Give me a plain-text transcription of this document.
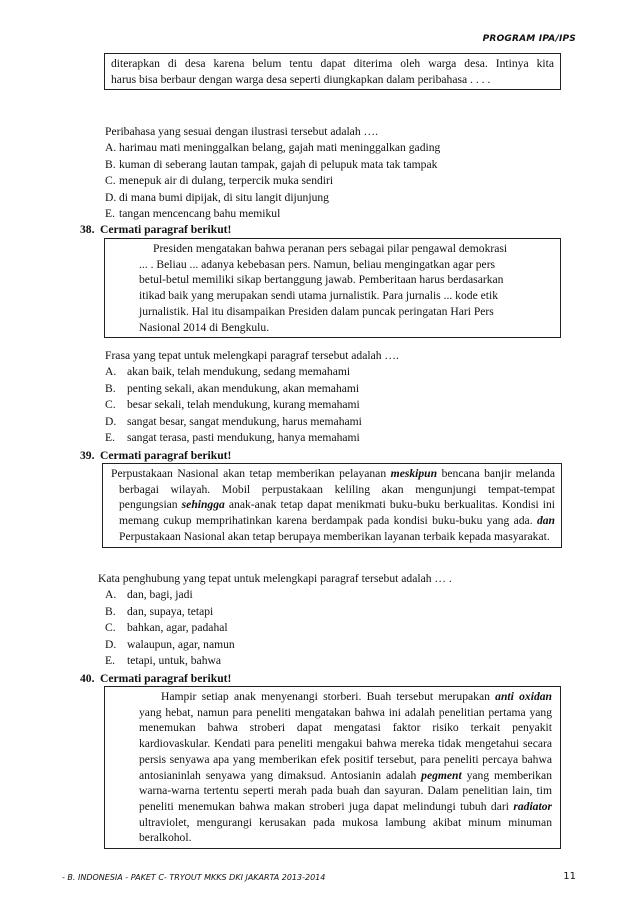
PROGRAM IPA/IPS

diterapkan di desa karena belum tentu dapat diterima oleh warga desa. Intinya kita

harus bisa berbaur dengan warga desa seperti diungkapkan dalam peribahasa . . . .

Peribahasa yang sesuai dengan ilustrasi tersebut adalah ….
A. harimau mati meninggalkan belang, gajah mati meninggalkan gading
B. kuman di seberang lautan tampak, gajah di pelupuk mata tak tampak
C. menepuk air di dulang, terpercik muka sendiri
D. di mana bumi dipijak, di situ langit dijunjung
E. tangan mencencang bahu memikul
38. Cermati paragraf berikut!

Presiden mengatakan bahwa peranan pers sebagai pilar pengawal demokrasi

... . Beliau ... adanya kebebasan pers. Namun, beliau mengingatkan agar pers

betul-betul memiliki sikap bertanggung jawab. Pemberitaan harus berdasarkan

itikad baik yang merupakan sendi utama jurnalistik. Para jurnalis ... kode etik

jurnalistik. Hal itu disampaikan Presiden dalam puncak peringatan Hari Pers

Nasional 2014 di Bengkulu.

Frasa yang tepat untuk melengkapi paragraf tersebut adalah ….
A. akan baik, telah mendukung, sedang memahami
B. penting sekali, akan mendukung, akan memahami
C. besar sekali, telah mendukung, kurang memahami
D. sangat besar, sangat mendukung, harus memahami
E. sangat terasa, pasti mendukung, hanya memahami
39. Cermati paragraf berikut!

Perpustakaan Nasional akan tetap memberikan pelayanan meskipun bencana banjir melanda berbagai wilayah. Mobil perpustakaan keliling akan mengunjungi tempat-tempat pengungsian sehingga anak-anak tetap dapat menikmati buku-buku berkualitas. Kondisi ini memang cukup memprihatinkan karena berdampak pada kondisi buku-buku yang ada. dan Perpustakaan Nasional akan tetap berupaya memberikan layanan terbaik kepada masyarakat.

Kata penghubung yang tepat untuk melengkapi paragraf tersebut adalah … .
A. dan, bagi, jadi
B. dan, supaya, tetapi
C. bahkan, agar, padahal
D. walaupun, agar, namun
E. tetapi, untuk, bahwa
40. Cermati paragraf berikut!

Hampir setiap anak menyenangi storberi. Buah tersebut merupakan anti oxidan yang hebat, namun para peneliti mengatakan bahwa ini adalah penelitian pertama yang menemukan bahwa stroberi dapat mengatasi faktor risiko terkait penyakit kardiovaskular. Kendati para peneliti mengakui bahwa mereka tidak mengetahui secara persis senyawa apa yang memberikan efek positif tersebut, para peneliti percaya bahwa antosianinlah senyawa yang dimaksud. Antosianin adalah pegment yang memberikan warna-warna tertentu seperti merah pada buah dan sayuran. Dalam penelitian lain, tim peneliti menemukan bahwa makan stroberi juga dapat melindungi tubuh dari radiator ultraviolet, mengurangi kerusakan pada mukosa lambung akibat minum minuman beralkohol.

- B. INDONESIA - PAKET C- TRYOUT MKKS DKI JAKARTA 2013-2014	11
